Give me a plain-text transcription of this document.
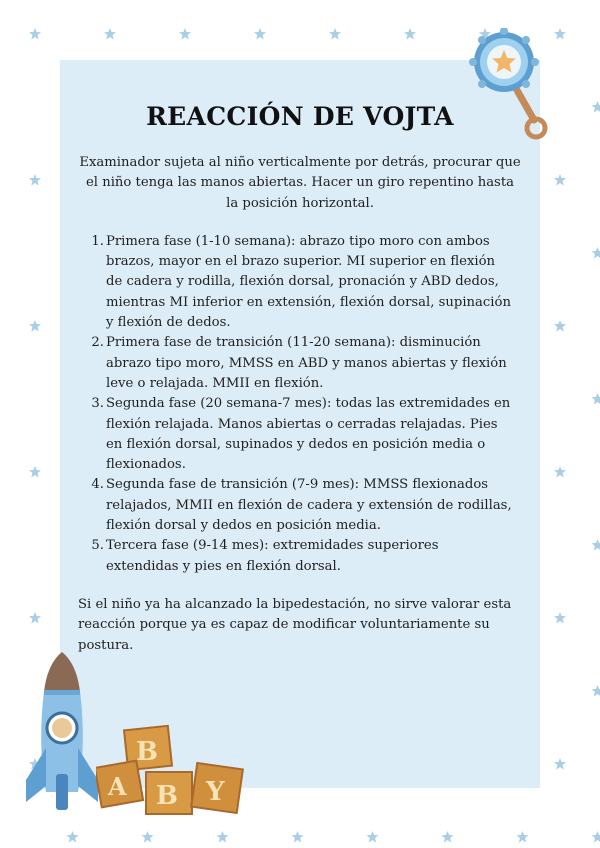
B
A B Y
REACCIÓN DE VOJTA

Examinador sujeta al niño verticalmente por detrás, procurar que el niño tenga las manos abiertas. Hacer un giro repentino hasta la posición horizontal.

1. Primera fase (1-10 semana): abrazo tipo moro con ambos brazos, mayor en el brazo superior. MI superior en flexión de cadera y rodilla, flexión dorsal, pronación y ABD dedos, mientras MI inferior en extensión, flexión dorsal, supinación y flexión de dedos.
2. Primera fase de transición (11-20 semana): disminución abrazo tipo moro, MMSS en ABD y manos abiertas y flexión leve o relajada. MMII en flexión.
3. Segunda fase (20 semana-7 mes): todas las extremidades en flexión relajada. Manos abiertas o cerradas relajadas. Pies en flexión dorsal, supinados y dedos en posición media o flexionados.
4. Segunda fase de transición (7-9 mes): MMSS flexionados relajados, MMII en flexión de cadera y extensión de rodillas, flexión dorsal y dedos en posición media.
5. Tercera fase (9-14 mes): extremidades superiores extendidas y pies en flexión dorsal.

Si el niño ya ha alcanzado la bipedestación, no sirve valorar esta reacción porque ya es capaz de modificar voluntariamente su postura.
